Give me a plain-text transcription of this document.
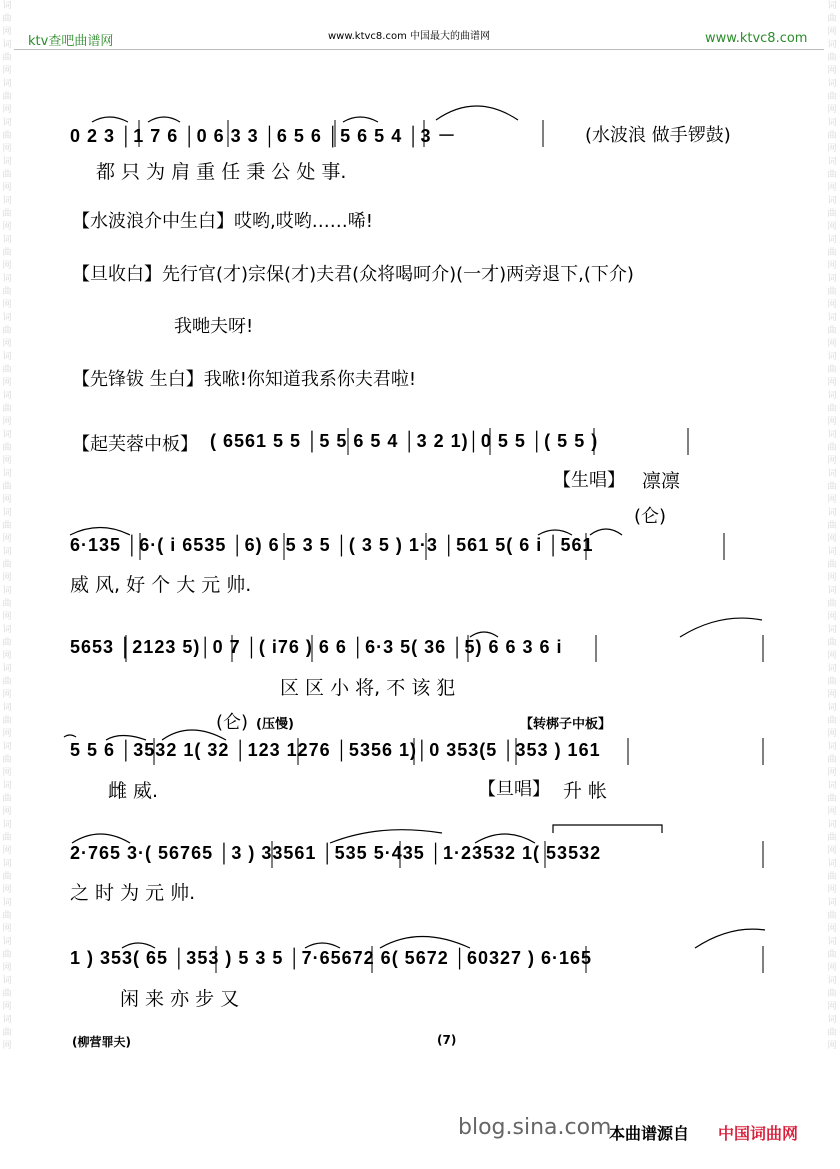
词
曲
网
词
曲
网
词
曲
网
词
曲
网
词
曲
网
词
曲
网
词
曲
网
词
曲
网
词
曲
网
词
曲
网
词
曲
网
词
曲
网
词
曲
网
词
曲
网
词
曲
网
词
曲
网
词
曲
网
词
曲
网
词
曲
网
词
曲
网
词
曲
网
词
曲
网
词
曲
网
词
曲
网
词
曲
网
词
曲
网
词
曲
网
词
曲
网
词
曲
网
词
曲
网
词
曲
网
词
曲
网
词
曲
网
词
曲
网
词
曲
网
词
曲
网
词
曲
网
词
曲
网
词
曲
网
词
曲
网
词
曲
网
词
曲
网
词
曲
网
词
曲
网
词
曲
网
词
曲
网
词
曲
网
词
曲
网
词
曲
网
词
曲
网
词
曲
网
词
曲
网
词
曲
网
词
曲
网
ktv查吧曲谱网	www.ktvc8.com 中国最大的曲谱网	www.ktvc8.com
0 2 3 │1 7 6 │0 6 3 3 │6 5 6 │5 6 5 4 │3 －	(水波浪 做手锣鼓)
都 只 为 肩 重 任 秉 公 处 事.
【水波浪介中生白】哎哟,哎哟……唏!
【旦收白】先行官(才)宗保(才)夫君(众将喝呵介)(一才)两旁退下,(下介)
我哋夫呀!
【先锋钹 生白】我𠵱!你知道我系你夫君啦!
【起芙蓉中板】 ( 6561 5 5 │5 5 6 5 4 │3 2 1)│0 5 5 │( 5 5 )
【生唱】 凛凛
(仑)
6·135 │6·( i 6535 │6) 6 5 3 5 │( 3 5 ) 1·3 │561 5( 6 i │561
威 风, 好 个 大 元 帅.
5653 │2123 5)│0 7 │( i76 ) 6 6 │6·3 5( 36 │5) 6 6 3 6 i
区 区 小 将, 不 该 犯
(仑) (压慢)	【转梆子中板】
5 5 6 │3532 1( 32 │123 1276 │5356 1)│0 353(5 │353 ) 161
雌 威.	【旦唱】 升 帐
2·765 3·( 56765 │3 ) 33561 │535 5·435 │1·23532 1( 53532
之 时 为 元 帅.
1 ) 353( 65 │353 ) 5 3 5 │7·65672 6( 5672 │60327 ) 6·165
闲 来 亦 步 又
(柳营罪夫)	(7)
blog.sina.com
本曲谱源自 中国词曲网
